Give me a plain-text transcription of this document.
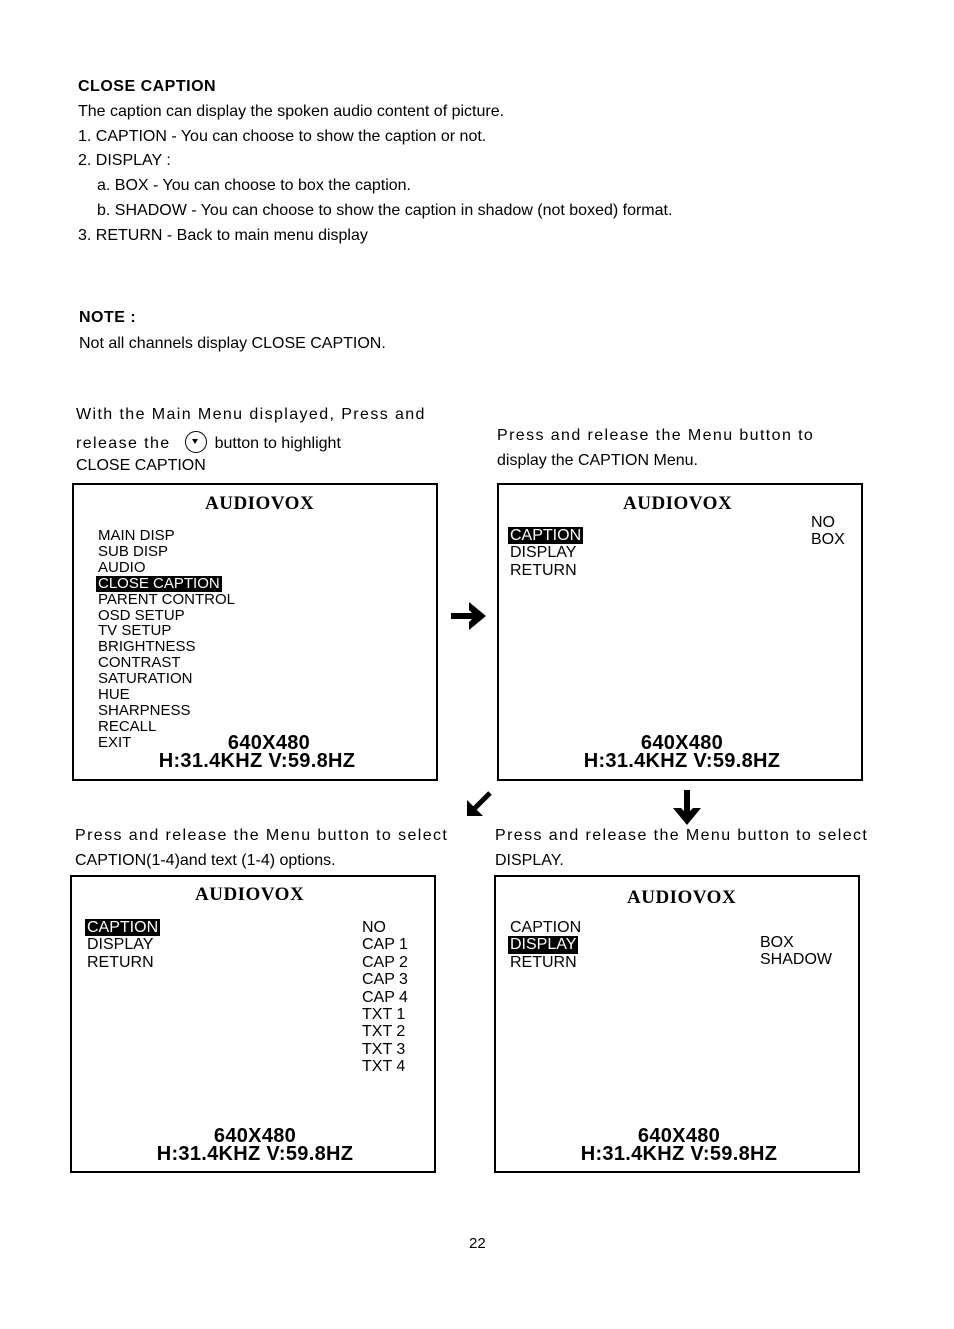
CLOSE CAPTION
The caption can display the spoken audio content of picture.
1. CAPTION - You can choose to show the caption or not.
2. DISPLAY :
a. BOX - You can choose to box the caption.
b. SHADOW - You can choose to show the caption in shadow (not boxed) format.
3. RETURN - Back to main menu display
NOTE :
Not all channels display CLOSE CAPTION.
With the Main Menu displayed, Press and
release the	button to highlight
CLOSE CAPTION
Press and release the Menu button to
display the CAPTION Menu.
AUDIOVOX
MAIN DISP
SUB DISP
AUDIO
CLOSE CAPTION
PARENT CONTROL
OSD SETUP
TV SETUP
BRIGHTNESS
CONTRAST
SATURATION
HUE
SHARPNESS
RECALL
EXIT	640X480
H:31.4KHZ V:59.8HZ
AUDIOVOX
CAPTION
DISPLAY
RETURN
NO
BOX
640X480
H:31.4KHZ V:59.8HZ
Press and release the Menu button to select
CAPTION(1-4)and text (1-4) options.
Press and release the Menu button to select
DISPLAY.
AUDIOVOX
CAPTION
DISPLAY
RETURN
NO
CAP 1
CAP 2
CAP 3
CAP 4
TXT 1
TXT 2
TXT 3
TXT 4
640X480
H:31.4KHZ V:59.8HZ
AUDIOVOX
CAPTION
DISPLAY
RETURN
BOX
SHADOW
640X480
H:31.4KHZ V:59.8HZ
22
